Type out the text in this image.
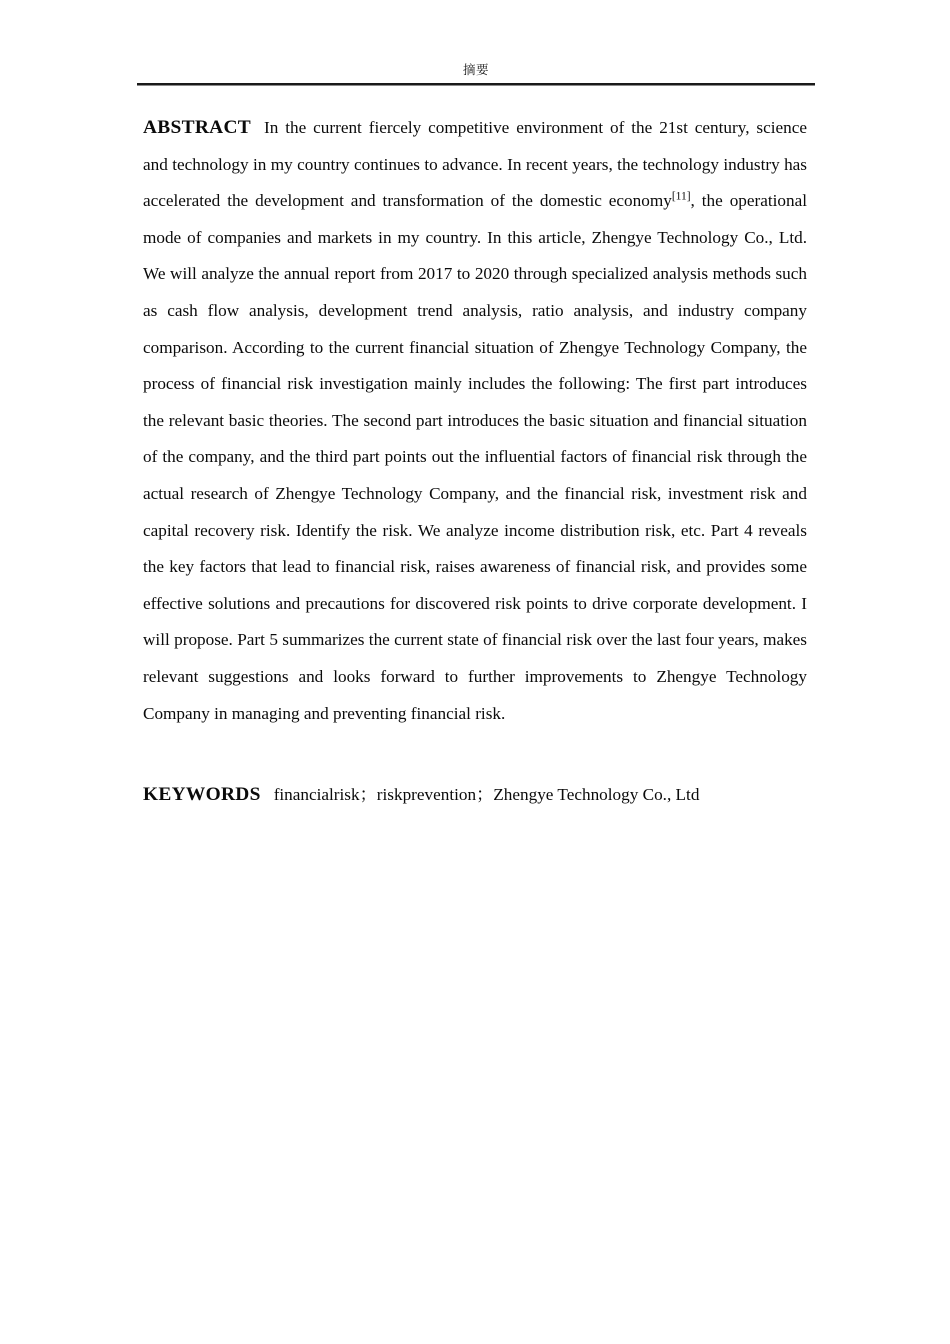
摘要

ABSTRACT In the current fiercely competitive environment of the 21st century, science and technology in my country continues to advance. In recent years, the technology industry has accelerated the development and transformation of the domestic economy[11], the operational mode of companies and markets in my country. In this article, Zhengye Technology Co., Ltd. We will analyze the annual report from 2017 to 2020 through specialized analysis methods such as cash flow analysis, development trend analysis, ratio analysis, and industry company comparison. According to the current financial situation of Zhengye Technology Company, the process of financial risk investigation mainly includes the following: The first part introduces the relevant basic theories. The second part introduces the basic situation and financial situation of the company, and the third part points out the influential factors of financial risk through the actual research of Zhengye Technology Company, and the financial risk, investment risk and capital recovery risk. Identify the risk. We analyze income distribution risk, etc. Part 4 reveals the key factors that lead to financial risk, raises awareness of financial risk, and provides some effective solutions and precautions for discovered risk points to drive corporate development. I will propose. Part 5 summarizes the current state of financial risk over the last four years, makes relevant suggestions and looks forward to further improvements to Zhengye Technology Company in managing and preventing financial risk.

KEYWORDS financialrisk；riskprevention；Zhengye Technology Co., Ltd
